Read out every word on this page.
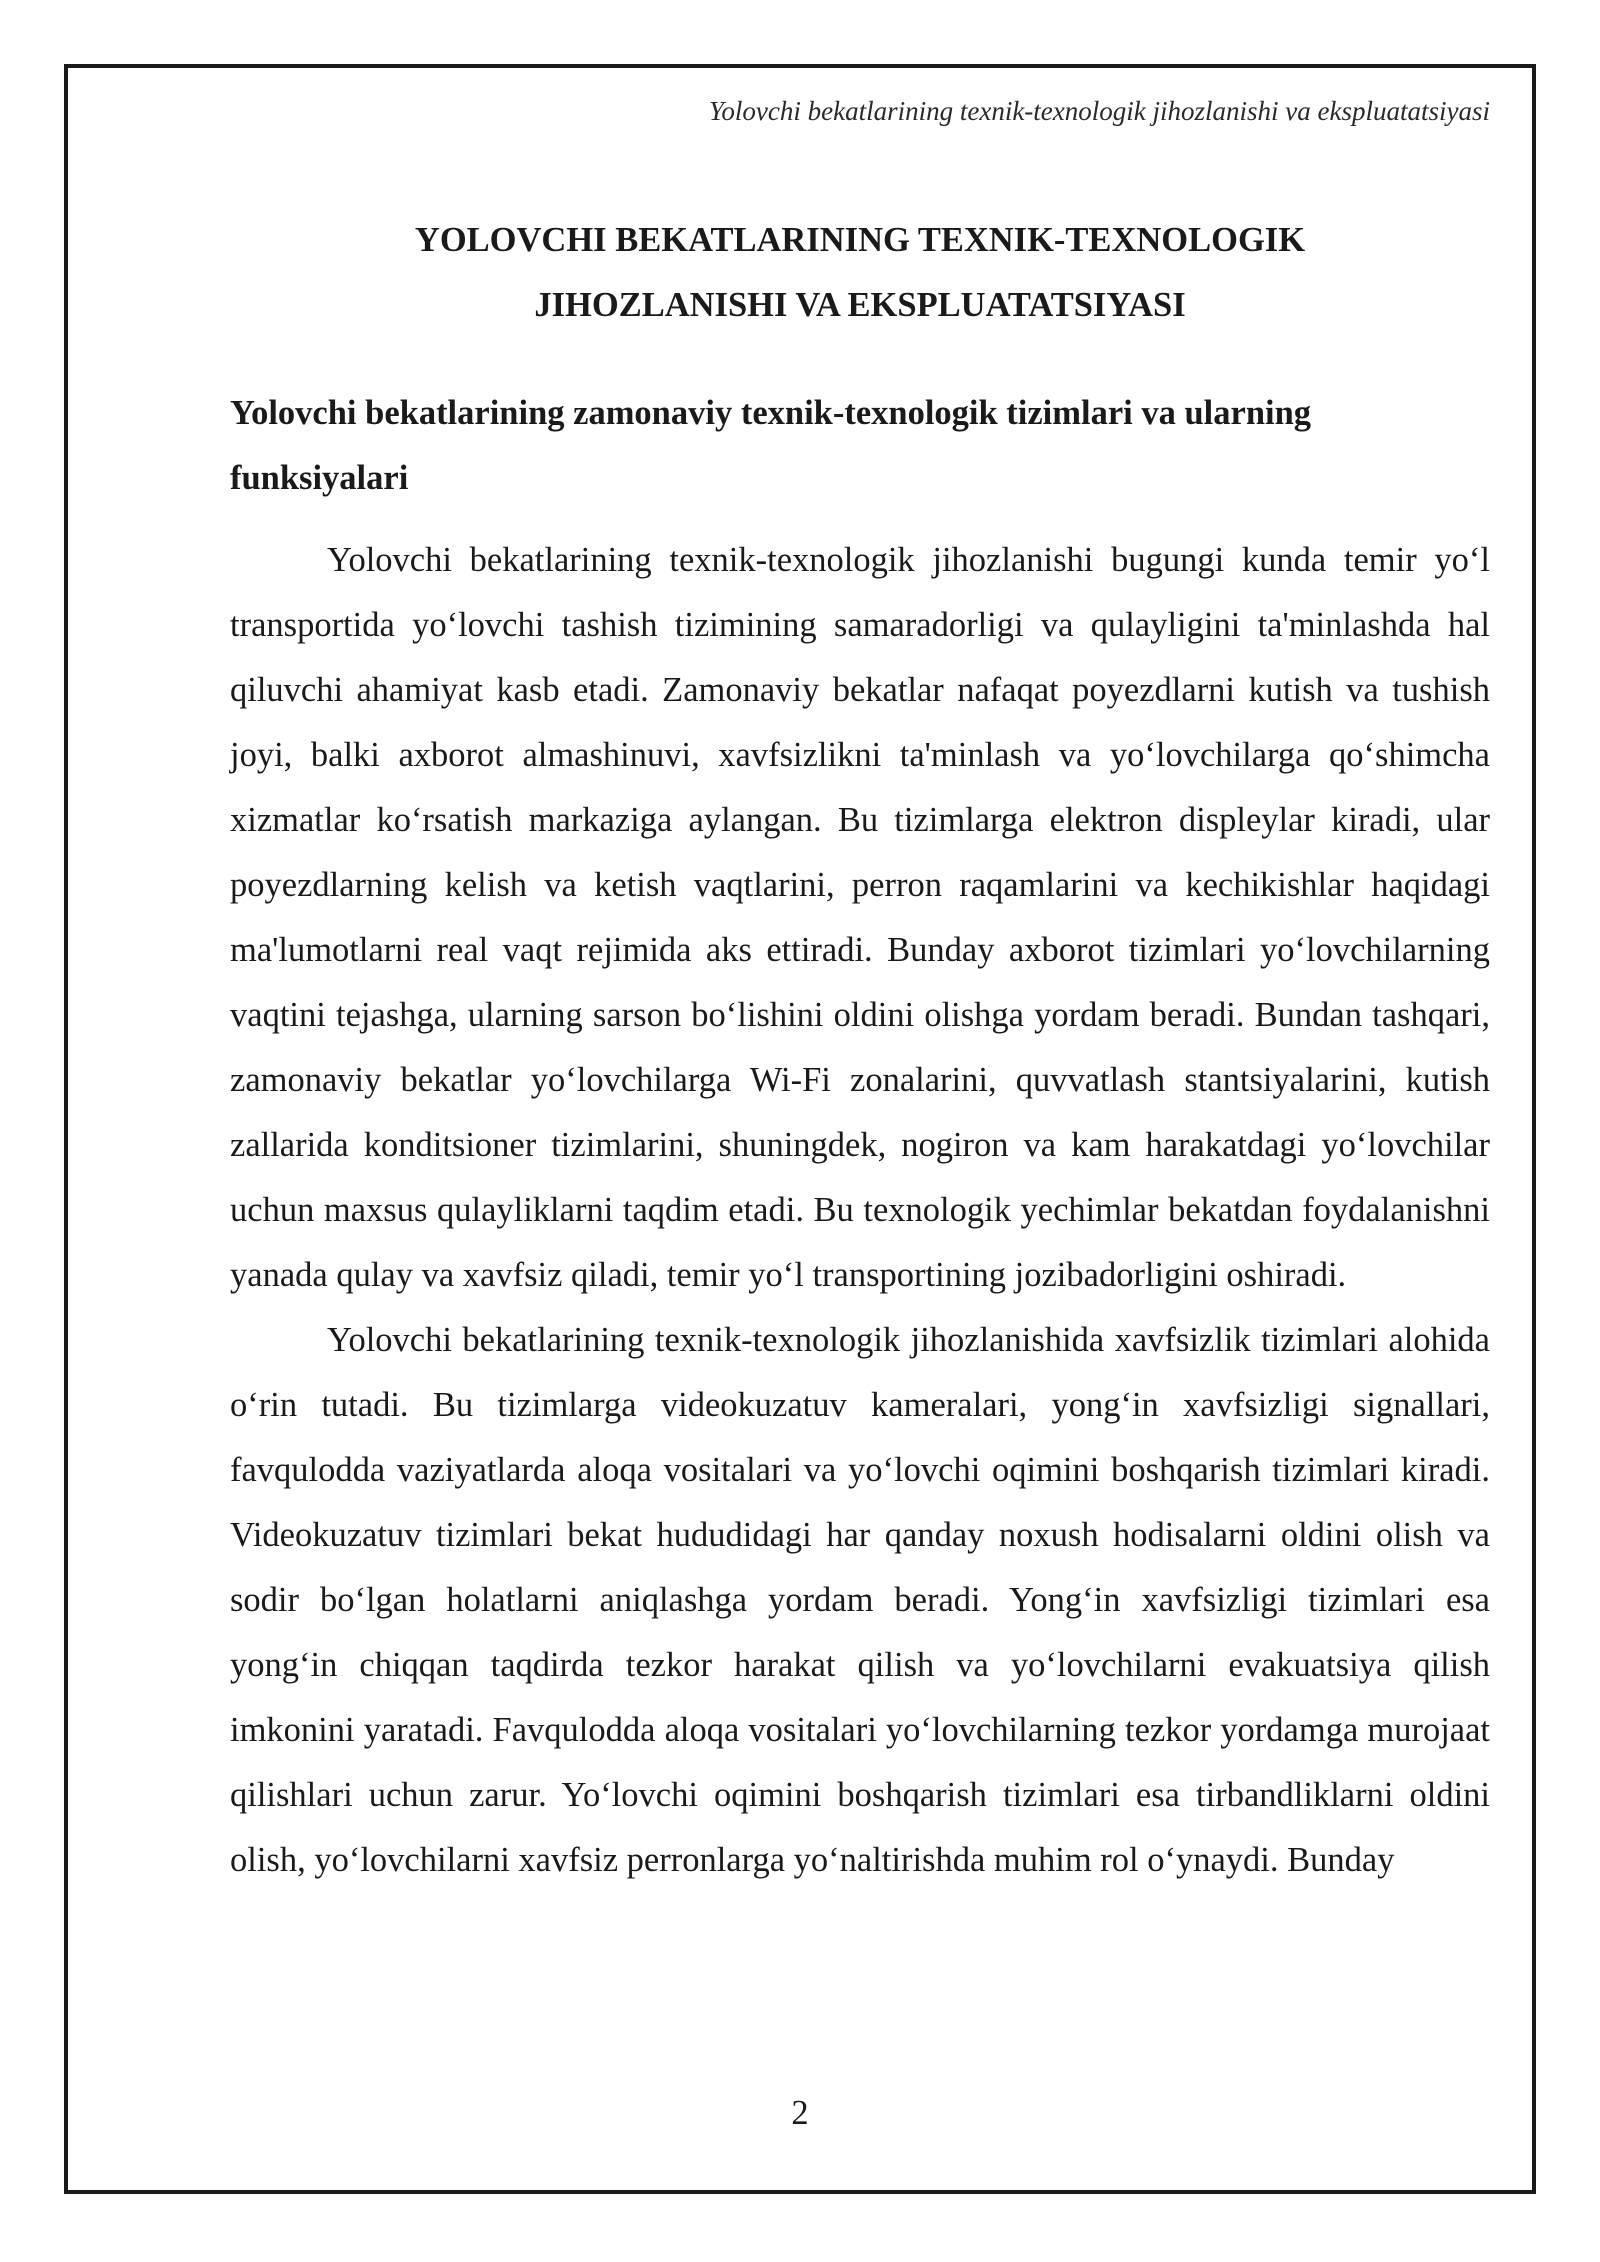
Yolovchi bekatlarining texnik-texnologik jihozlanishi va ekspluatatsiyasi
YOLOVCHI BEKATLARINING TEXNIK-TEXNOLOGIK
JIHOZLANISHI VA EKSPLUATATSIYASI
Yolovchi bekatlarining zamonaviy texnik-texnologik tizimlari va ularning funksiyalari

Yolovchi bekatlarining texnik-texnologik jihozlanishi bugungi kunda temir yo‘l transportida yo‘lovchi tashish tizimining samaradorligi va qulayligini ta'minlashda hal qiluvchi ahamiyat kasb etadi. Zamonaviy bekatlar nafaqat poyezdlarni kutish va tushish joyi, balki axborot almashinuvi, xavfsizlikni ta'minlash va yo‘lovchilarga qo‘shimcha xizmatlar ko‘rsatish markaziga aylangan. Bu tizimlarga elektron displeylar kiradi, ular poyezdlarning kelish va ketish vaqtlarini, perron raqamlarini va kechikishlar haqidagi ma'lumotlarni real vaqt rejimida aks ettiradi. Bunday axborot tizimlari yo‘lovchilarning vaqtini tejashga, ularning sarson bo‘lishini oldini olishga yordam beradi. Bundan tashqari, zamonaviy bekatlar yo‘lovchilarga Wi-Fi zonalarini, quvvatlash stantsiyalarini, kutish zallarida konditsioner tizimlarini, shuningdek, nogiron va kam harakatdagi yo‘lovchilar uchun maxsus qulayliklarni taqdim etadi. Bu texnologik yechimlar bekatdan foydalanishni yanada qulay va xavfsiz qiladi, temir yo‘l transportining jozibadorligini oshiradi.

Yolovchi bekatlarining texnik-texnologik jihozlanishida xavfsizlik tizimlari alohida o‘rin tutadi. Bu tizimlarga videokuzatuv kameralari, yong‘in xavfsizligi signallari, favqulodda vaziyatlarda aloqa vositalari va yo‘lovchi oqimini boshqarish tizimlari kiradi. Videokuzatuv tizimlari bekat hududidagi har qanday noxush hodisalarni oldini olish va sodir bo‘lgan holatlarni aniqlashga yordam beradi. Yong‘in xavfsizligi tizimlari esa yong‘in chiqqan taqdirda tezkor harakat qilish va yo‘lovchilarni evakuatsiya qilish imkonini yaratadi. Favqulodda aloqa vositalari yo‘lovchilarning tezkor yordamga murojaat qilishlari uchun zarur. Yo‘lovchi oqimini boshqarish tizimlari esa tirbandliklarni oldini olish, yo‘lovchilarni xavfsiz perronlarga yo‘naltirishda muhim rol o‘ynaydi. Bunday

2
